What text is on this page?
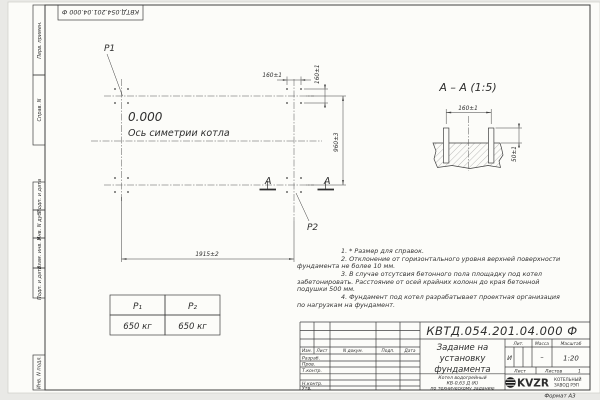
КВТД.054.201.04.000 Ф
Перв. примен.
Справ. N
Подп. и дата
Инв. N дубл.
Взам. инв. N
Подп. и дата
Инв. N подл.
P1
P2
0.000
Ось симетрии котла
160±1	160±1
960±3
1915±2
А	А
А – А (1:5)
160±1
50±1
P₁	P₂
650 кг	650 кг	КВТД.054.201.04.000 Ф
Изм. Лист	N докум.	Подп. Дата
Разраб.
Пров.
Т.контр.
Н.контр.
Утв.
Задание на
установку
фундамента
Котел водогрейный
КВ-0,63 Д (К)
по техническому заданию
Лит.	Масса	Масштаб
И	–	1:20
Лист	Листов	1
KVZR КОТЕЛЬНЫЙ
ЗАВОД РЭП
Формат А3
1. * Размер для справок.
2. Отклонение от горизонтального уровня верхней поверхности
фундамента не более 10 мм.
3. В случае отсутсвия бетонного пола площадку под котел
забетонировать. Расстояние от осей крайних колонн до края бетонной
подушки 500 мм.
4. Фундамент под котел разрабатывает проектная организация
по нагрузкам на фундамент.
